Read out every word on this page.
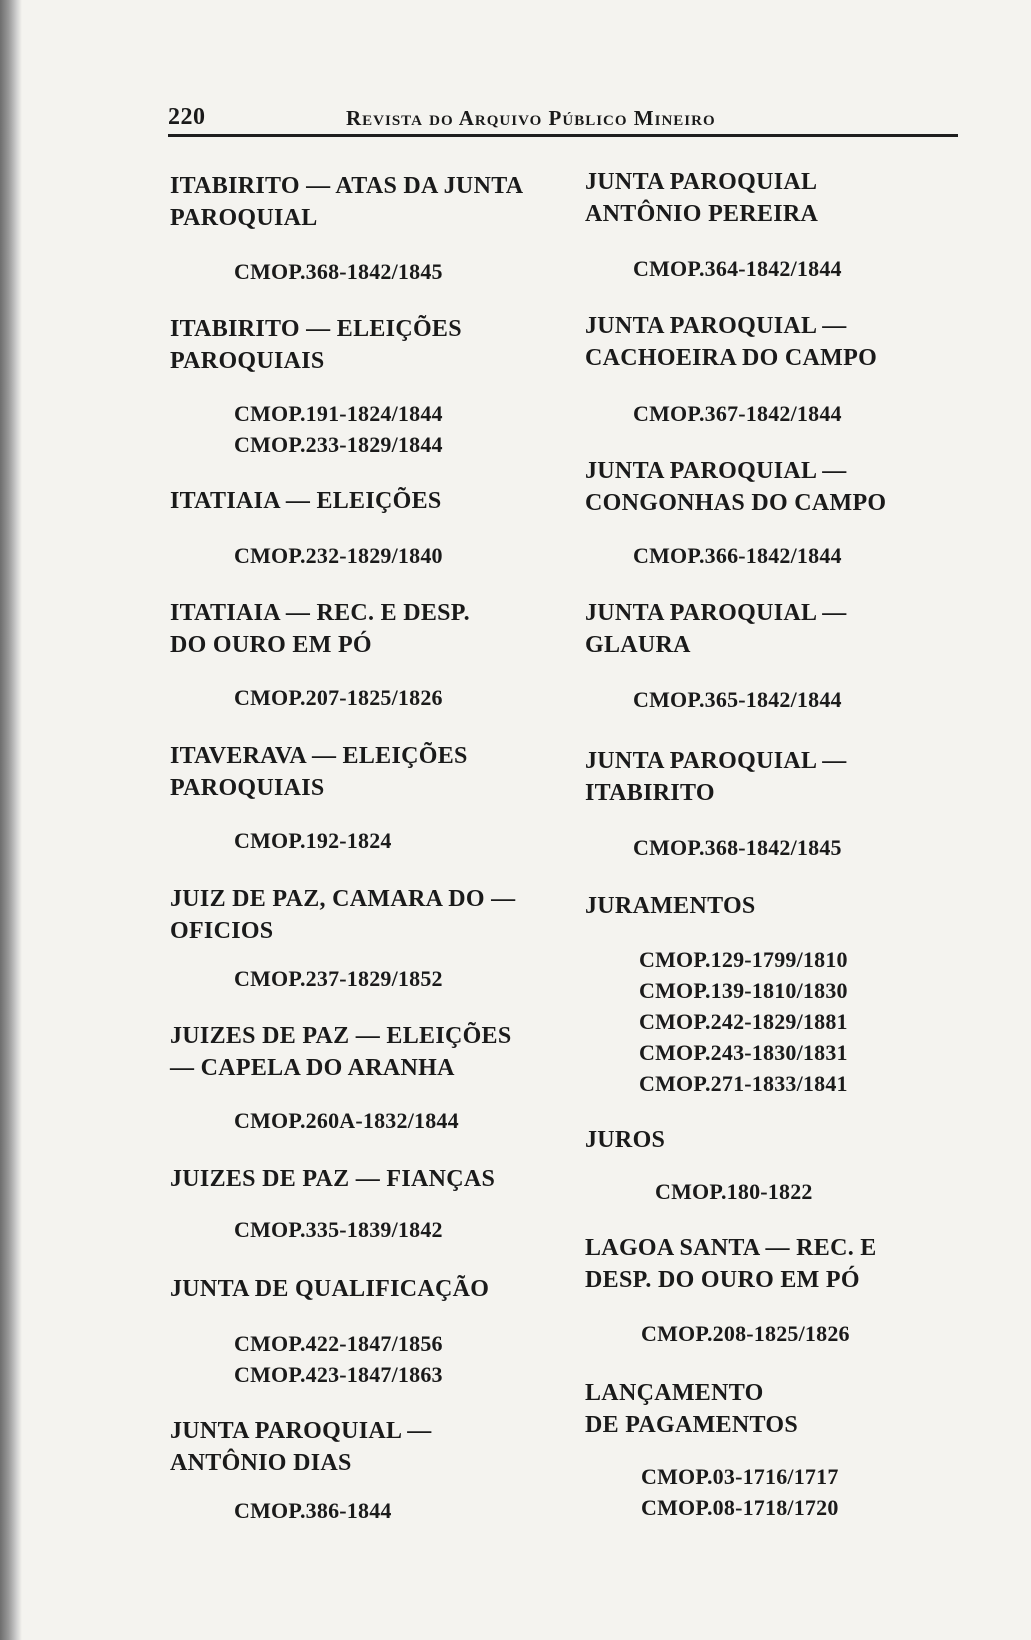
220	Revista do Arquivo Público Mineiro
ITABIRITO — ATAS DA JUNTA
PAROQUIAL
CMOP.368-1842/1845
ITABIRITO — ELEIÇÕES
PAROQUIAIS
CMOP.191-1824/1844
CMOP.233-1829/1844
ITATIAIA — ELEIÇÕES
CMOP.232-1829/1840
ITATIAIA — REC. E DESP.
DO OURO EM PÓ
CMOP.207-1825/1826
ITAVERAVA — ELEIÇÕES
PAROQUIAIS
CMOP.192-1824
JUIZ DE PAZ, CAMARA DO —
OFICIOS
CMOP.237-1829/1852
JUIZES DE PAZ — ELEIÇÕES
— CAPELA DO ARANHA
CMOP.260A-1832/1844
JUIZES DE PAZ — FIANÇAS
CMOP.335-1839/1842
JUNTA DE QUALIFICAÇÃO
CMOP.422-1847/1856
CMOP.423-1847/1863
JUNTA PAROQUIAL —
ANTÔNIO DIAS
CMOP.386-1844
JUNTA PAROQUIAL
ANTÔNIO PEREIRA
CMOP.364-1842/1844
JUNTA PAROQUIAL —
CACHOEIRA DO CAMPO
CMOP.367-1842/1844
JUNTA PAROQUIAL —
CONGONHAS DO CAMPO
CMOP.366-1842/1844
JUNTA PAROQUIAL —
GLAURA
CMOP.365-1842/1844
JUNTA PAROQUIAL —
ITABIRITO
CMOP.368-1842/1845
JURAMENTOS
CMOP.129-1799/1810
CMOP.139-1810/1830
CMOP.242-1829/1881
CMOP.243-1830/1831
CMOP.271-1833/1841
JUROS
CMOP.180-1822
LAGOA SANTA — REC. E
DESP. DO OURO EM PÓ
CMOP.208-1825/1826
LANÇAMENTO
DE PAGAMENTOS
CMOP.03-1716/1717
CMOP.08-1718/1720
